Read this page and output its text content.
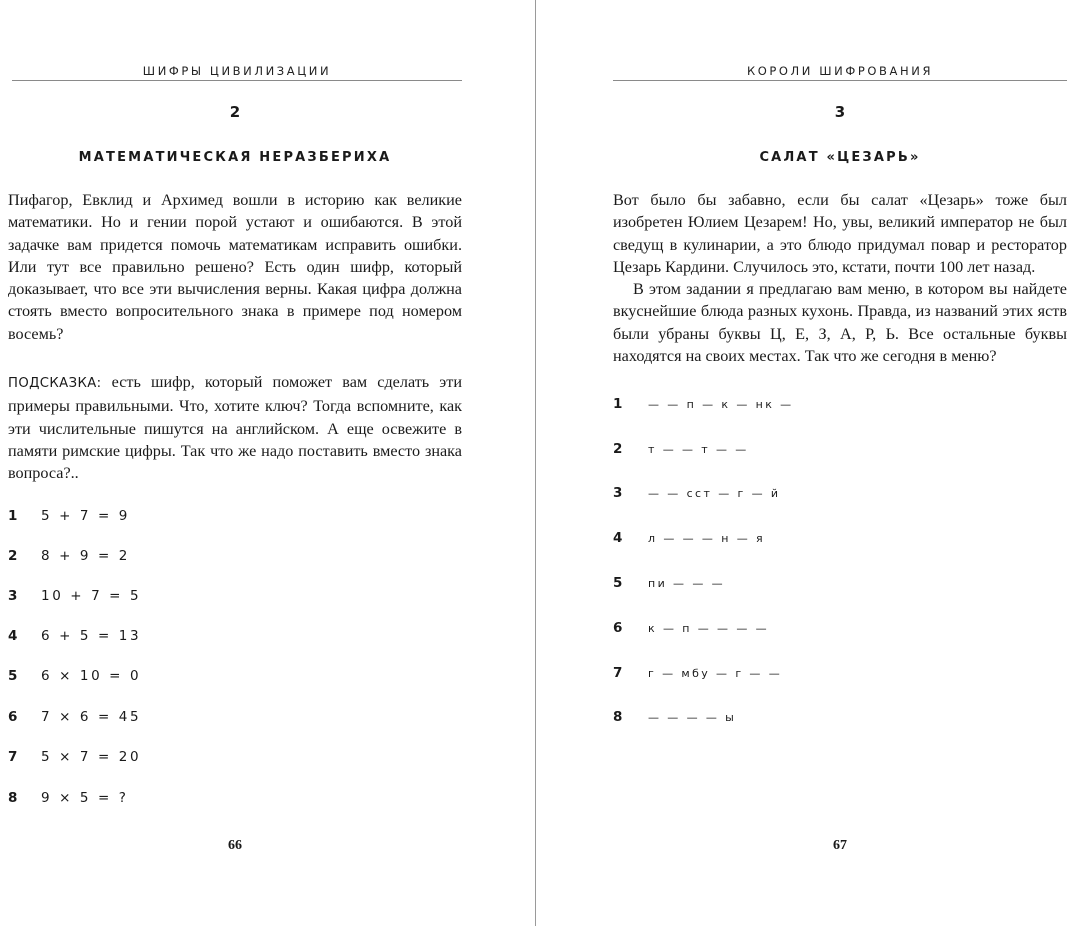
ШИФРЫ ЦИВИЛИЗАЦИИ
2
МАТЕМАТИЧЕСКАЯ НЕРАЗБЕРИХА

Пифагор, Евклид и Архимед вошли в историю как великие математики. Но и гении порой устают и ошибаются. В этой задачке вам придется помочь математикам исправить ошибки. Или тут все правильно решено? Есть один шифр, который доказывает, что все эти вычисления верны. Какая цифра должна стоять вместо вопросительного знака в примере под номером восемь?

ПОДСКАЗКА: есть шифр, который поможет вам сделать эти примеры правильными. Что, хотите ключ? Тогда вспомните, как эти числительные пишутся на английском. А еще освежите в памяти римские цифры. Так что же надо поставить вместо знака вопроса?..

1	5 + 7 = 9
2	8 + 9 = 2
3	10 + 7 = 5
4	6 + 5 = 13
5	6 × 10 = 0
6	7 × 6 = 45
7	5 × 7 = 20
8	9 × 5 = ?
66
КОРОЛИ ШИФРОВАНИЯ
3
САЛАТ «ЦЕЗАРЬ»

Вот было бы забавно, если бы салат «Цезарь» тоже был изобретен Юлием Цезарем! Но, увы, великий император не был сведущ в кулинарии, а это блюдо придумал повар и ресторатор Цезарь Кардини. Случилось это, кстати, почти 100 лет назад.

В этом задании я предлагаю вам меню, в котором вы найдете вкуснейшие блюда разных кухонь. Правда, из названий этих яств были убраны буквы Ц, Е, З, А, Р, Ь. Все остальные буквы находятся на своих местах. Так что же сегодня в меню?

1	— — п — к — нк —
2	т — — т — —
3	— — сст — г — й
4	л — — — н — я
5	пи — — —
6	к — п — — — —
7	г — мбу — г — —
8	— — — — ы
67
